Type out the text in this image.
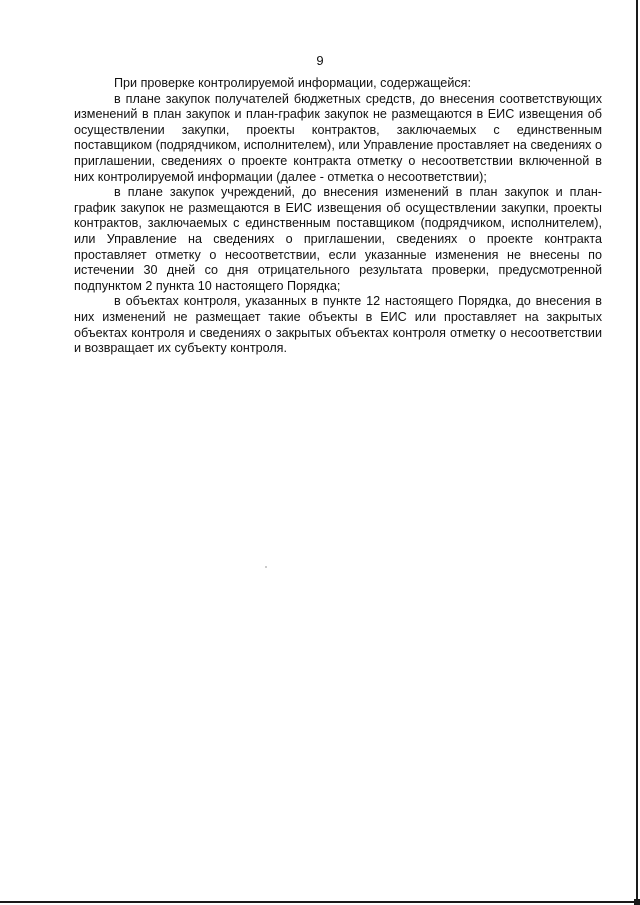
9

При проверке контролируемой информации, содержащейся:

в плане закупок получателей бюджетных средств, до внесения соответствующих изменений в план закупок и план-график закупок не размещаются в ЕИС извещения об осуществлении закупки, проекты контрактов, заключаемых с единственным поставщиком (подрядчиком, исполнителем), или Управление проставляет на сведениях о приглашении, сведениях о проекте контракта отметку о несоответствии включенной в них контролируемой информации (далее - отметка о несоответствии);

в плане закупок учреждений, до внесения изменений в план закупок и план-график закупок не размещаются в ЕИС извещения об осуществлении закупки, проекты контрактов, заключаемых с единственным поставщиком (подрядчиком, исполнителем), или Управление на сведениях о приглашении, сведениях о проекте контракта проставляет отметку о несоответствии, если указанные изменения не внесены по истечении 30 дней со дня отрицательного результата проверки, предусмотренной подпунктом 2 пункта 10 настоящего Порядка;

в объектах контроля, указанных в пункте 12 настоящего Порядка, до внесения в них изменений не размещает такие объекты в ЕИС или проставляет на закрытых объектах контроля и сведениях о закрытых объектах контроля отметку о несоответствии и возвращает их субъекту контроля.
